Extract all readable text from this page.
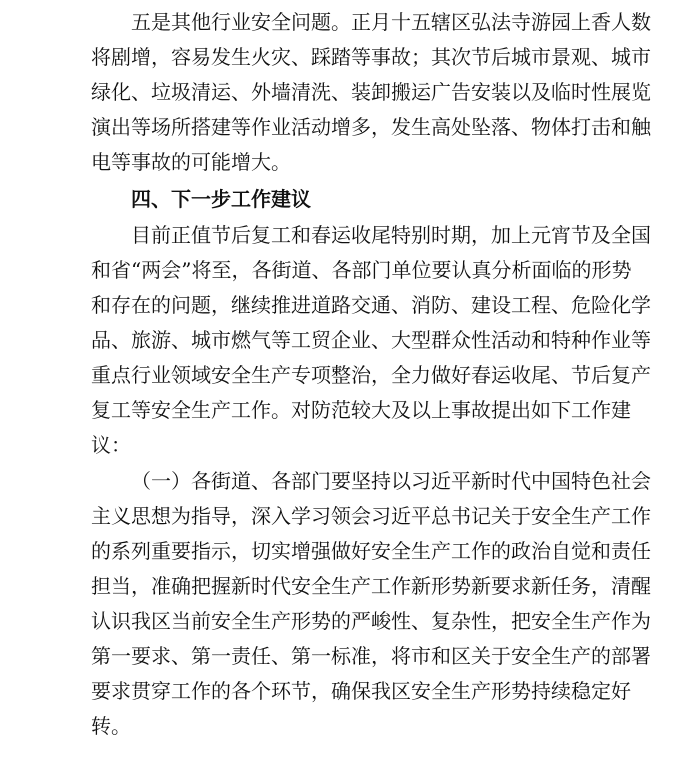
五是其他行业安全问题。正月十五辖区弘法寺游园上香人数
将剧增，容易发生火灾、踩踏等事故；其次节后城市景观、城市
绿化、垃圾清运、外墙清洗、装卸搬运广告安装以及临时性展览
演出等场所搭建等作业活动增多，发生高处坠落、物体打击和触
电等事故的可能增大。
四、下一步工作建议
目前正值节后复工和春运收尾特别时期，加上元宵节及全国
和省“两会”将至，各街道、各部门单位要认真分析面临的形势
和存在的问题，继续推进道路交通、消防、建设工程、危险化学
品、旅游、城市燃气等工贸企业、大型群众性活动和特种作业等
重点行业领域安全生产专项整治，全力做好春运收尾、节后复产
复工等安全生产工作。对防范较大及以上事故提出如下工作建
议：
（一）各街道、各部门要坚持以习近平新时代中国特色社会
主义思想为指导，深入学习领会习近平总书记关于安全生产工作
的系列重要指示，切实增强做好安全生产工作的政治自觉和责任
担当，准确把握新时代安全生产工作新形势新要求新任务，清醒
认识我区当前安全生产形势的严峻性、复杂性，把安全生产作为
第一要求、第一责任、第一标准，将市和区关于安全生产的部署
要求贯穿工作的各个环节，确保我区安全生产形势持续稳定好
转。
